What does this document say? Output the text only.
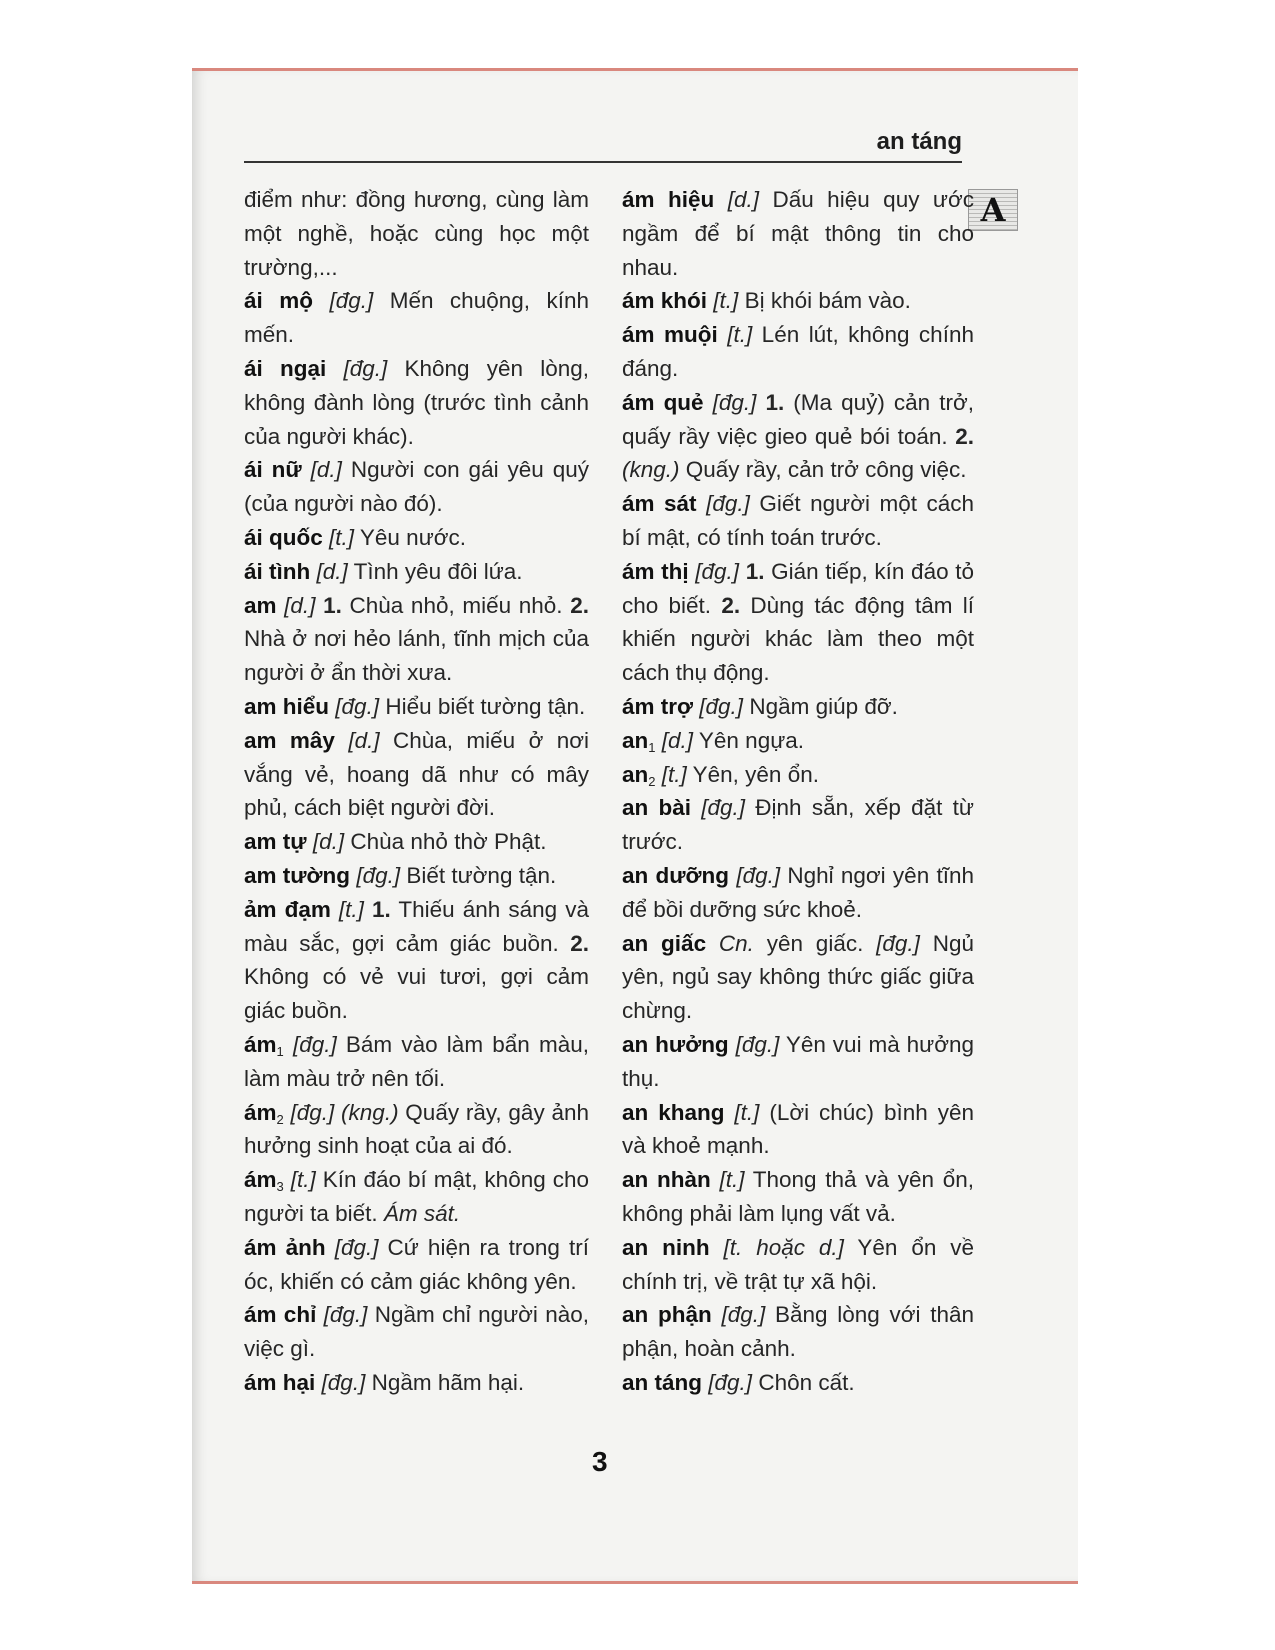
an táng
A

điểm như: đồng hương, cùng làm một nghề, hoặc cùng học một trường,...

ái mộ [đg.] Mến chuộng, kính mến.

ái ngại [đg.] Không yên lòng, không đành lòng (trước tình cảnh của người khác).

ái nữ [d.] Người con gái yêu quý (của người nào đó).

ái quốc [t.] Yêu nước.

ái tình [d.] Tình yêu đôi lứa.

am [d.] 1. Chùa nhỏ, miếu nhỏ. 2. Nhà ở nơi hẻo lánh, tĩnh mịch của người ở ẩn thời xưa.

am hiểu [đg.] Hiểu biết tường tận.

am mây [d.] Chùa, miếu ở nơi vắng vẻ, hoang dã như có mây phủ, cách biệt người đời.

am tự [d.] Chùa nhỏ thờ Phật.

am tường [đg.] Biết tường tận.

ảm đạm [t.] 1. Thiếu ánh sáng và màu sắc, gợi cảm giác buồn. 2. Không có vẻ vui tươi, gợi cảm giác buồn.

$ám_1$ [đg.] Bám vào làm bẩn màu, làm màu trở nên tối.

$ám_2$ [đg.] (kng.) Quấy rầy, gây ảnh hưởng sinh hoạt của ai đó.

$ám_3$ [t.] Kín đáo bí mật, không cho người ta biết. Ám sát.

ám ảnh [đg.] Cứ hiện ra trong trí óc, khiến có cảm giác không yên.

ám chỉ [đg.] Ngầm chỉ người nào, việc gì.

ám hại [đg.] Ngầm hãm hại.

ám hiệu [d.] Dấu hiệu quy ước ngầm để bí mật thông tin cho nhau.

ám khói [t.] Bị khói bám vào.

ám muội [t.] Lén lút, không chính đáng.

ám quẻ [đg.] 1. (Ma quỷ) cản trở, quấy rầy việc gieo quẻ bói toán. 2. (kng.) Quấy rầy, cản trở công việc.

ám sát [đg.] Giết người một cách bí mật, có tính toán trước.

ám thị [đg.] 1. Gián tiếp, kín đáo tỏ cho biết. 2. Dùng tác động tâm lí khiến người khác làm theo một cách thụ động.

ám trợ [đg.] Ngầm giúp đỡ.

$an_1$ [d.] Yên ngựa.

$an_2$ [t.] Yên, yên ổn.

an bài [đg.] Định sẵn, xếp đặt từ trước.

an dưỡng [đg.] Nghỉ ngơi yên tĩnh để bồi dưỡng sức khoẻ.

an giấc Cn. yên giấc. [đg.] Ngủ yên, ngủ say không thức giấc giữa chừng.

an hưởng [đg.] Yên vui mà hưởng thụ.

an khang [t.] (Lời chúc) bình yên và khoẻ mạnh.

an nhàn [t.] Thong thả và yên ổn, không phải làm lụng vất vả.

an ninh [t. hoặc d.] Yên ổn về chính trị, về trật tự xã hội.

an phận [đg.] Bằng lòng với thân phận, hoàn cảnh.

an táng [đg.] Chôn cất.

3
